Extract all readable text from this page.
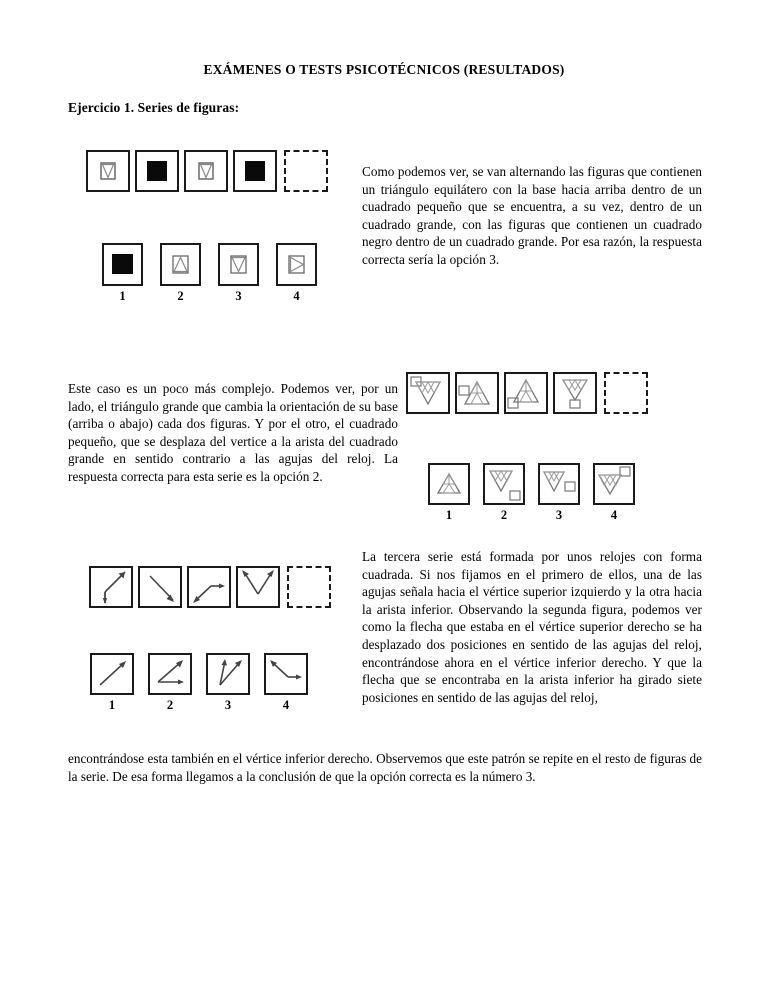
EXÁMENES O TESTS PSICOTÉCNICOS (RESULTADOS)
Ejercicio 1. Series de figuras:
1	2	3	4
Como podemos ver, se van alternando las figuras que contienen un triángulo equilátero con la base hacia arriba dentro de un cuadrado pequeño que se encuentra, a su vez, dentro de un cuadrado grande, con las figuras que contienen un cuadrado negro dentro de un cuadrado grande. Por esa razón, la respuesta correcta sería la opción 3.
Este caso es un poco más complejo. Podemos ver, por un lado, el triángulo grande que cambia la orientación de su base (arriba o abajo) cada dos figuras. Y por el otro, el cuadrado pequeño, que se desplaza del vertice a la arista del cuadrado grande en sentido contrario a las agujas del reloj. La respuesta correcta para esta serie es la opción 2.
1	2	3	4
La tercera serie está formada por unos relojes con forma cuadrada. Si nos fijamos en el primero de ellos, una de las agujas señala hacia el vértice superior izquierdo y la otra hacia la arista inferior. Observando la segunda figura, podemos ver como la flecha que estaba en el vértice superior derecho se ha desplazado dos posiciones en sentido de las agujas del reloj, encontrándose ahora en el vértice inferior derecho. Y que la flecha que se encontraba en la arista inferior ha girado siete posiciones en sentido de las agujas del reloj,
encontrándose esta también en el vértice inferior derecho. Observemos que este patrón se repite en el resto de figuras de la serie. De esa forma llegamos a la conclusión de que la opción correcta es la número 3.
1	2	3	4
